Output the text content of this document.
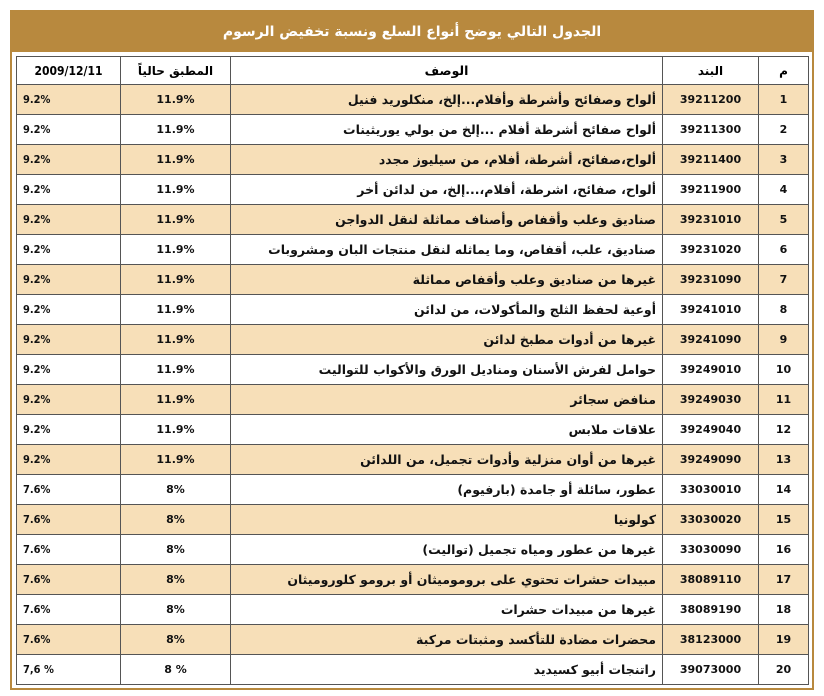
الجدول التالي يوضح أنواع السلع ونسبة تخفيض الرسوم
2009/12/11	المطبق حالياً	الوصف	البند	م
9.2%	11.9%	ألواح وصفائح وأشرطة وأفلام...إلخ، منكلوريد فنيل	39211200	1
9.2%	11.9%	ألواح صفائح أشرطة أفلام ...إلخ من بولي يوريثينات	39211300	2
9.2%	11.9%	ألواح،صفائح، أشرطة، أفلام، من سيليوز مجدد	39211400	3
9.2%	11.9%	ألواح، صفائح، اشرطة، أفلام،...إلخ، من لدائن أخر	39211900	4
9.2%	11.9%	صناديق وعلب وأقفاص وأصناف مماثلة لنقل الدواجن	39231010	5
9.2%	11.9%	صناديق، علب، أقفاص، وما يماثله لنقل منتجات البان ومشروبات	39231020	6
9.2%	11.9%	غيرها من صناديق وعلب وأقفاص مماثلة	39231090	7
9.2%	11.9%	أوعية لحفظ الثلج والمأكولات، من لدائن	39241010	8
9.2%	11.9%	غيرها من أدوات مطبخ لدائن	39241090	9
9.2%	11.9%	حوامل لفرش الأسنان ومناديل الورق والأكواب للتواليت	39249010	10
9.2%	11.9%	منافض سجائر	39249030	11
9.2%	11.9%	علاقات ملابس	39249040	12
9.2%	11.9%	غيرها من أوان منزلية وأدوات تجميل، من اللدائن	39249090	13
7.6%	8%	عطور، سائلة أو جامدة (بارفيوم)	33030010	14
7.6%	8%	كولونيا	33030020	15
7.6%	8%	غيرها من عطور ومياه تجميل (تواليت)	33030090	16
7.6%	8%	مبيدات حشرات تحتوي على بروموميثان أو برومو كلوروميثان	38089110	17
7.6%	8%	غيرها من مبيدات حشرات	38089190	18
7.6%	8%	محضرات مضادة للتأكسد ومثبتات مركبة	38123000	19
7,6 %	8 %	راتنجات أبيو كسيديد	39073000	20
